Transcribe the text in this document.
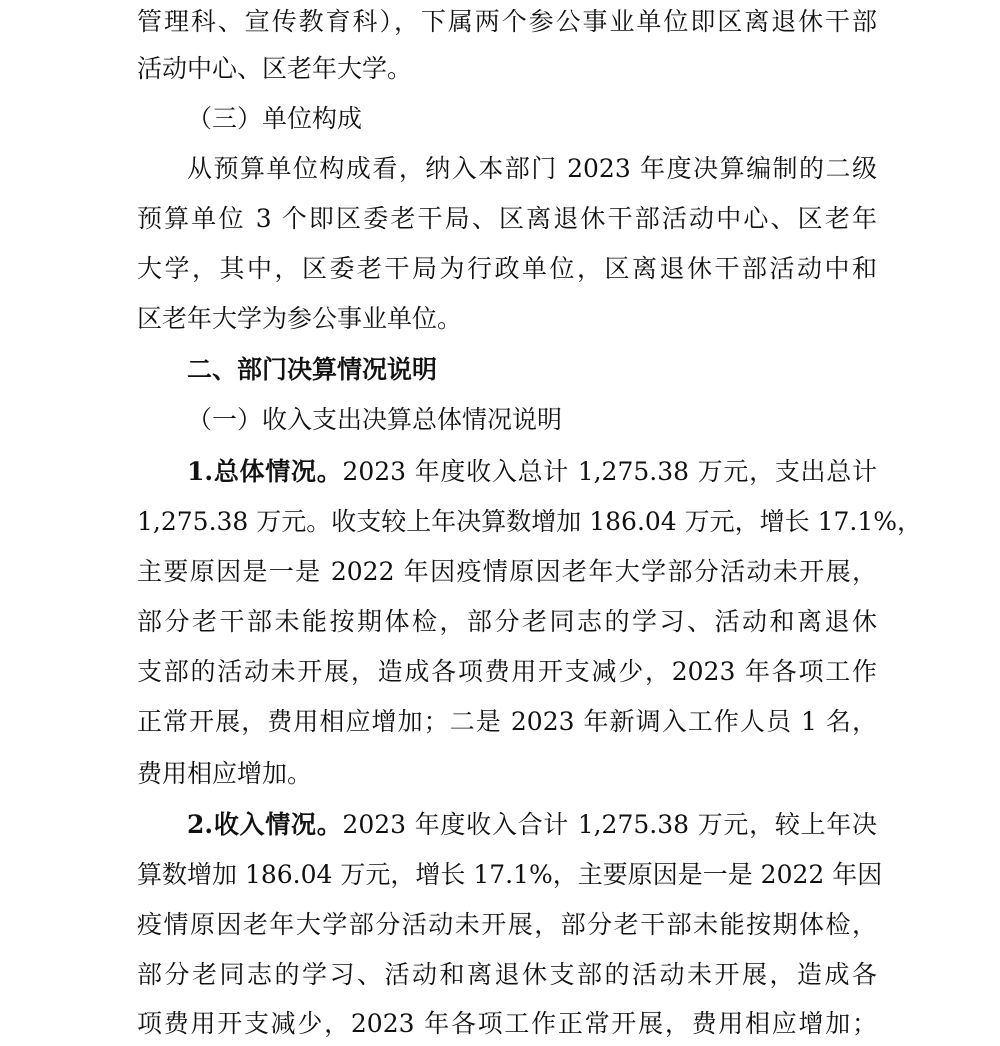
管理科、宣传教育科），下属两个参公事业单位即区离退休干部
活动中心、区老年大学。
（三）单位构成
从预算单位构成看，纳入本部门 2023 年度决算编制的二级
预算单位 3 个即区委老干局、区离退休干部活动中心、区老年
大学，其中，区委老干局为行政单位，区离退休干部活动中和
区老年大学为参公事业单位。
二、部门决算情况说明
（一）收入支出决算总体情况说明
1.总体情况。2023 年度收入总计 1,275.38 万元，支出总计
1,275.38 万元。收支较上年决算数增加 186.04 万元，增长 17.1%，
主要原因是一是 2022 年因疫情原因老年大学部分活动未开展，
部分老干部未能按期体检，部分老同志的学习、活动和离退休
支部的活动未开展，造成各项费用开支减少，2023 年各项工作
正常开展，费用相应增加；二是 2023 年新调入工作人员 1 名，
费用相应增加。
2.收入情况。2023 年度收入合计 1,275.38 万元，较上年决
算数增加 186.04 万元，增长 17.1%，主要原因是一是 2022 年因
疫情原因老年大学部分活动未开展，部分老干部未能按期体检，
部分老同志的学习、活动和离退休支部的活动未开展，造成各
项费用开支减少，2023 年各项工作正常开展，费用相应增加；
